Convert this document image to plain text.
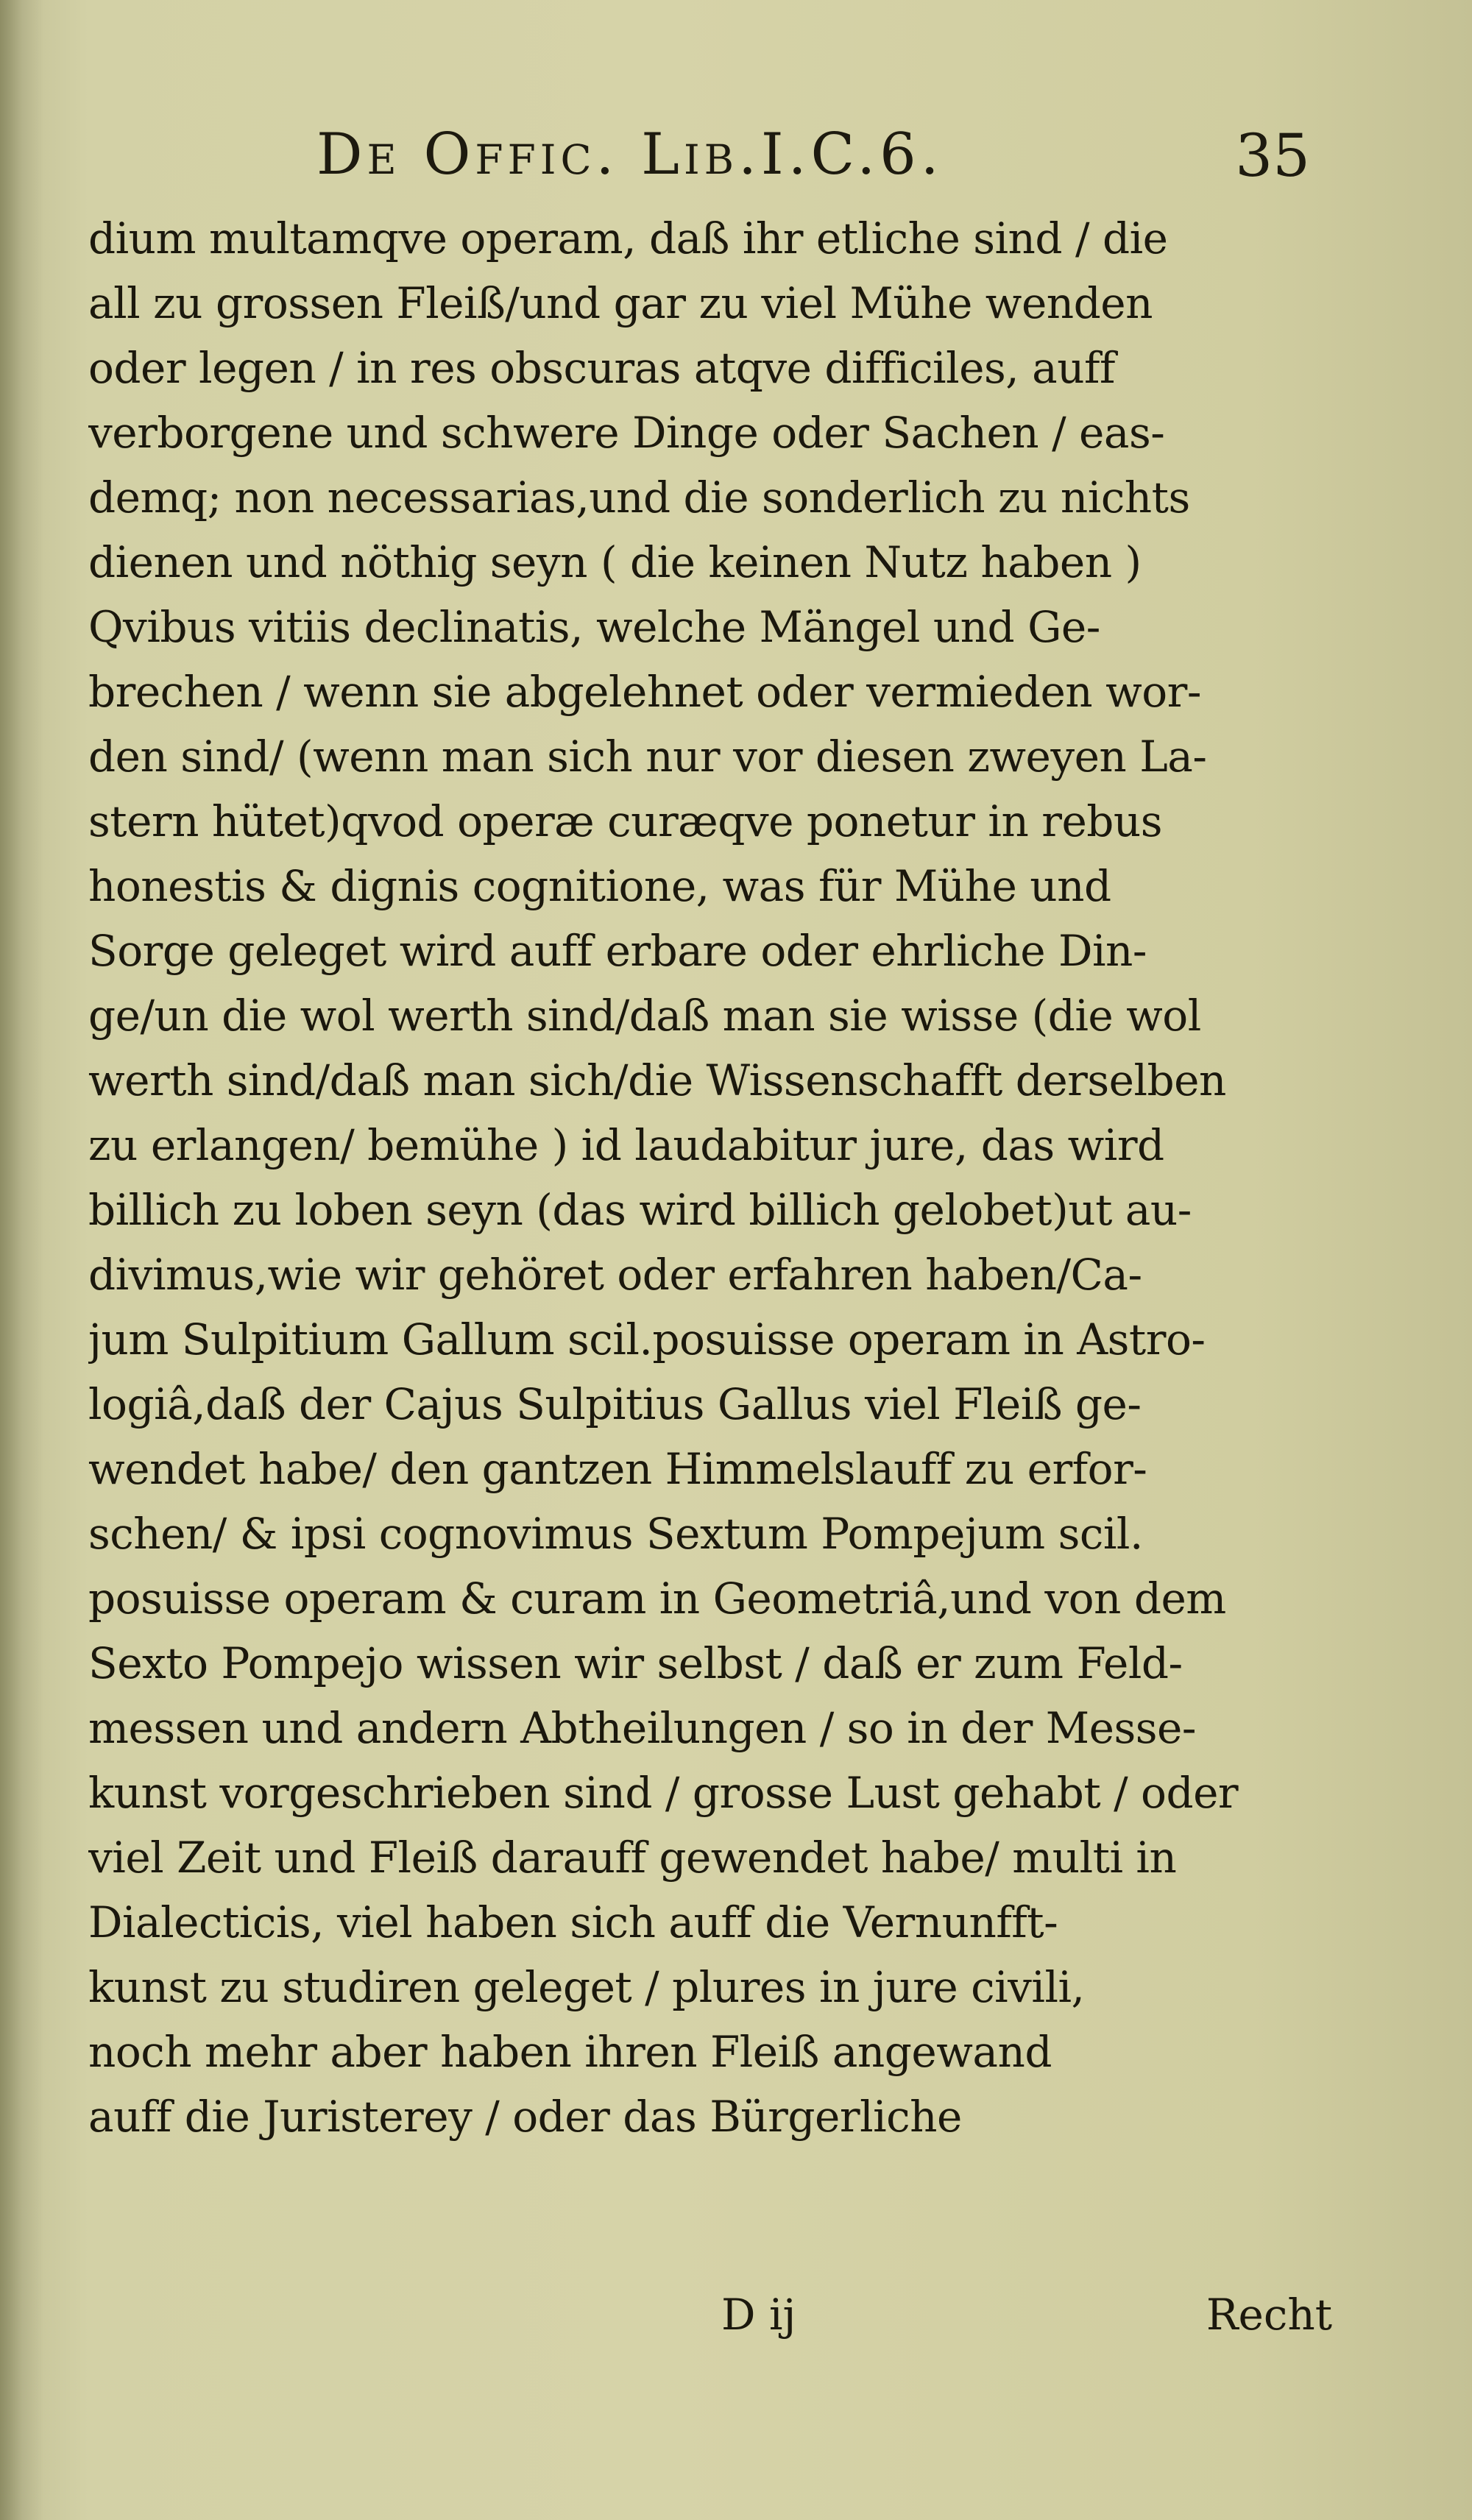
De Offic. Lib.I.C.6.	35
dium multamqve operam, daß ihr etliche sind / die
all zu grossen Fleiß/und gar zu viel Mühe wenden
oder legen / in res obscuras atqve difficiles, auff
verborgene und schwere Dinge oder Sachen / eas-
demq; non necessarias,und die sonderlich zu nichts
dienen und nöthig seyn ( die keinen Nutz haben )
Qvibus vitiis declinatis, welche Mängel und Ge-
brechen / wenn sie abgelehnet oder vermieden wor-
den sind/ (wenn man sich nur vor diesen zweyen La-
stern hütet)qvod operæ curæqve ponetur in rebus
honestis & dignis cognitione, was für Mühe und
Sorge geleget wird auff erbare oder ehrliche Din-
ge/un die wol werth sind/daß man sie wisse (die wol
werth sind/daß man sich/die Wissenschafft derselben
zu erlangen/ bemühe ) id laudabitur jure, das wird
billich zu loben seyn (das wird billich gelobet)ut au-
divimus,wie wir gehöret oder erfahren haben/Ca-
jum Sulpitium Gallum scil.posuisse operam in Astro-
logiâ,daß der Cajus Sulpitius Gallus viel Fleiß ge-
wendet habe/ den gantzen Himmelslauff zu erfor-
schen/ & ipsi cognovimus Sextum Pompejum scil.
posuisse operam & curam in Geometriâ,und von dem
Sexto Pompejo wissen wir selbst / daß er zum Feld-
messen und andern Abtheilungen / so in der Messe-
kunst vorgeschrieben sind / grosse Lust gehabt / oder
viel Zeit und Fleiß darauff gewendet habe/ multi in
Dialecticis, viel haben sich auff die Vernunfft-
kunst zu studiren geleget / plures in jure civili,
noch mehr aber haben ihren Fleiß angewand
auff die Juristerey / oder das Bürgerliche
D ij	Recht
